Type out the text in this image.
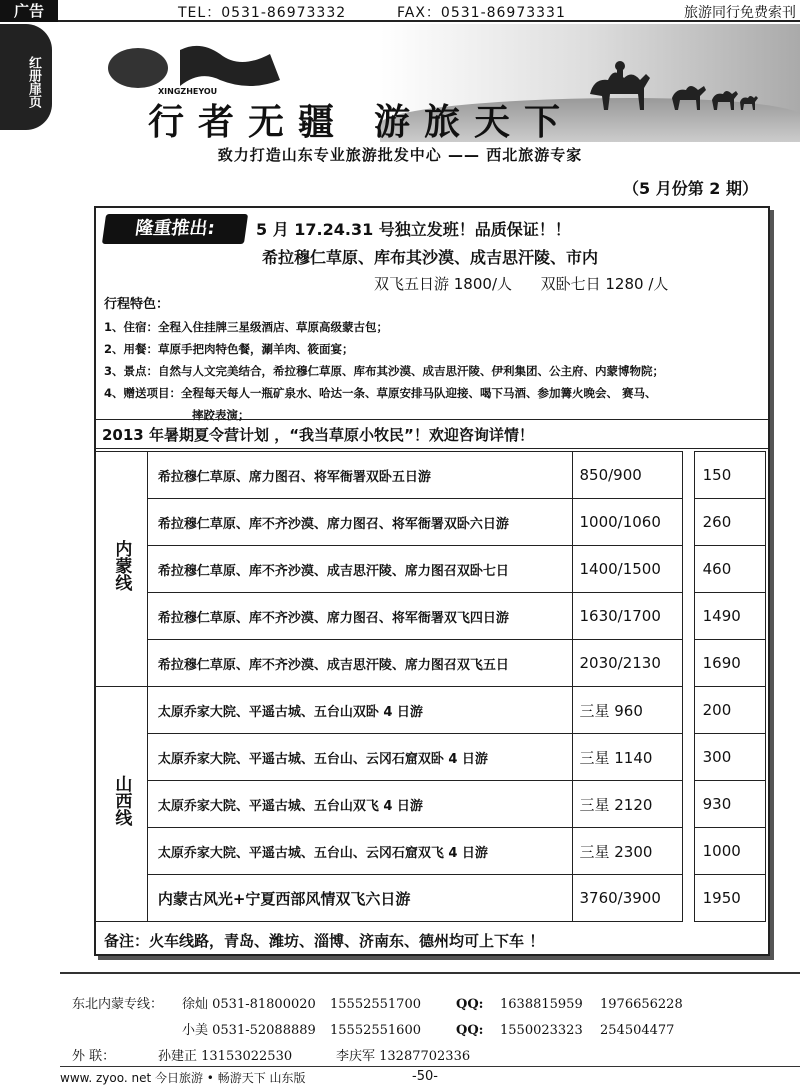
广告	TEL：0531-86973332	FAX：0531-86973331	旅游同行免费索刊
红册扉页	XINGZHEYOU
行者无疆 游旅天下
致力打造山东专业旅游批发中心 —— 西北旅游专家
（5 月份第 2 期）
隆重推出:	5 月 17.24.31 号独立发班！品质保证！！
希拉穆仁草原、库布其沙漠、成吉思汗陵、市内
双飞五日游 1800/人      双卧七日 1280 /人
行程特色：
1、住宿：全程入住挂牌三星级酒店、草原高级蒙古包；
2、用餐：草原手把肉特色餐，涮羊肉、筱面宴；
3、景点：自然与人文完美结合，希拉穆仁草原、库布其沙漠、成吉思汗陵、伊利集团、公主府、内蒙博物院；
4、赠送项目：全程每天每人一瓶矿泉水、哈达一条、草原安排马队迎接、喝下马酒、参加篝火晚会、 赛马、
摔跤表演；
2013 年暑期夏令营计划 ，“我当草原小牧民”！欢迎咨询详情！
内蒙线	希拉穆仁草原、席力图召、将军衙署双卧五日游	850/900		150
	希拉穆仁草原、库不齐沙漠、席力图召、将军衙署双卧六日游	1000/1060		260
	希拉穆仁草原、库不齐沙漠、成吉思汗陵、席力图召双卧七日	1400/1500		460
	希拉穆仁草原、库不齐沙漠、席力图召、将军衙署双飞四日游	1630/1700		1490
	希拉穆仁草原、库不齐沙漠、成吉思汗陵、席力图召双飞五日	2030/2130		1690
山西线	太原乔家大院、平遥古城、五台山双卧 4 日游	三星 960		200
	太原乔家大院、平遥古城、五台山、云冈石窟双卧 4 日游	三星 1140		300
	太原乔家大院、平遥古城、五台山双飞 4 日游	三星 2120		930
	太原乔家大院、平遥古城、五台山、云冈石窟双飞 4 日游	三星 2300		1000
	内蒙古风光+宁夏西部风情双飞六日游	3760/3900		1950
备注：火车线路，青岛、潍坊、淄博、济南东、德州均可上下车 ！
东北内蒙专线： 徐灿 0531-81800020 15552551700	QQ: 1638815959 1976656228
小美 0531-52088889 15552551600	QQ: 1550023323 254504477
外 联：	孙建正 13153022530	李庆军 13287702336
www. zyoo. net 今日旅游 • 畅游天下 山东版	-50-
